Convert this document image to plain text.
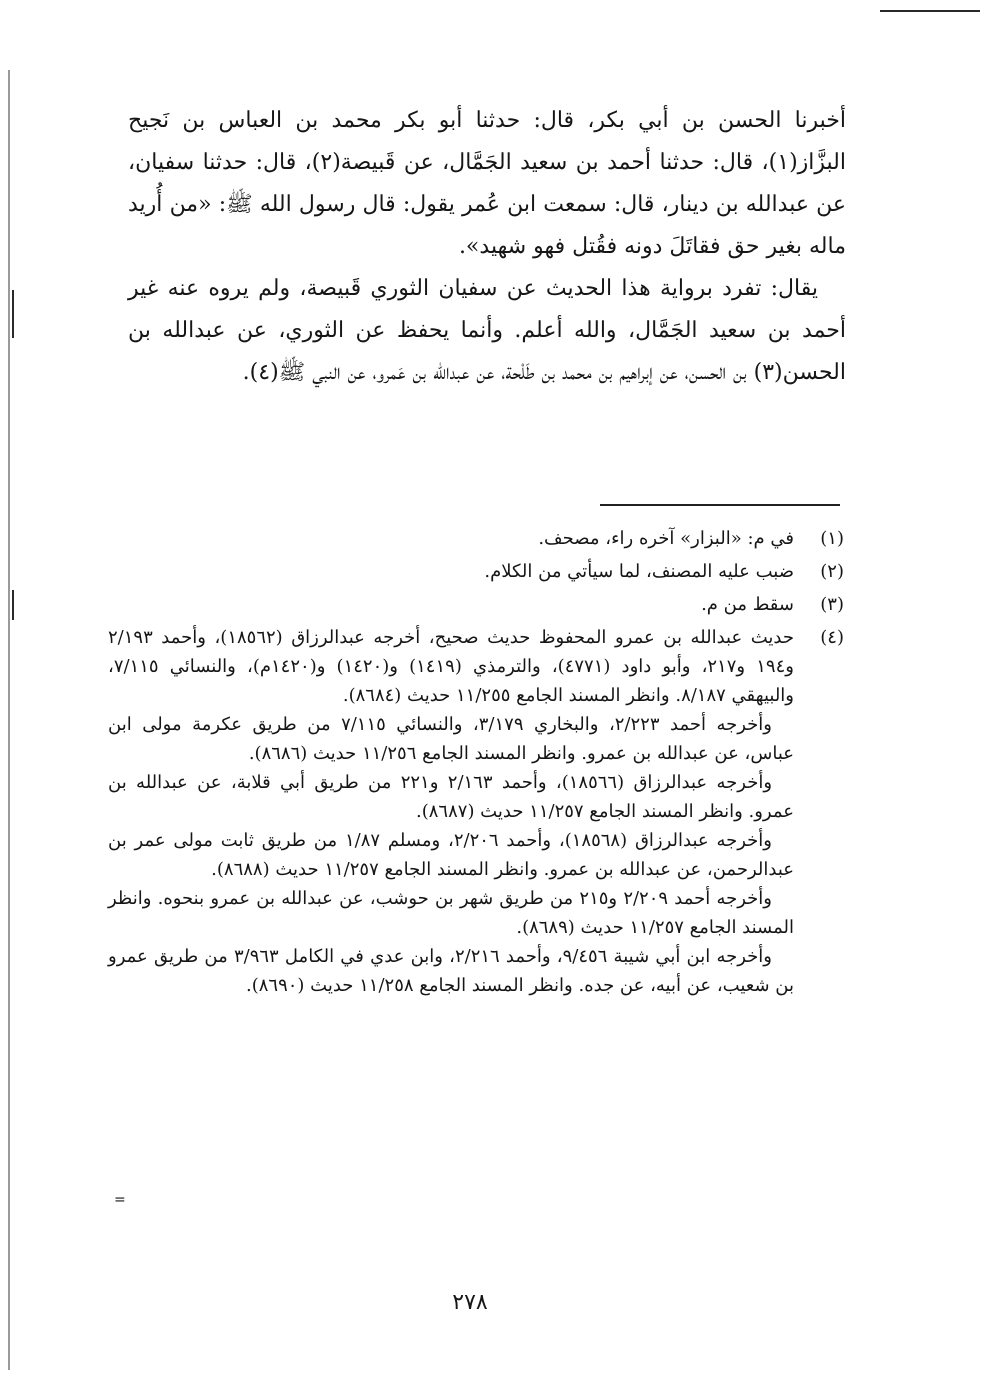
أخبرنا الحسن بن أبي بكر، قال: حدثنا أبو بكر محمد بن العباس بن نَجيح البزَّاز(١)، قال: حدثنا أحمد بن سعيد الجَمَّال، عن قَبيصة(٢)، قال: حدثنا سفيان، عن عبدالله بن دينار، قال: سمعت ابن عُمر يقول: قال رسول الله ﷺ: «من أُريد ماله بغير حق فقاتَلَ دونه فقُتل فهو شهيد».

يقال: تفرد برواية هذا الحديث عن سفيان الثوري قَبيصة، ولم يروه عنه غير أحمد بن سعيد الجَمَّال، والله أعلم. وأنما يحفظ عن الثوري، عن عبدالله بن الحسن(٣) بن الحسن، عن إبراهيم بن محمد بن طَلْحة، عن عبدالله بن عَمرو، عن النبي ﷺ(٤).

(١)

في م: «البزار» آخره راء، مصحف.

(٢)

ضبب عليه المصنف، لما سيأتي من الكلام.

(٣)

سقط من م.

(٤)

حديث عبدالله بن عمرو المحفوظ حديث صحيح، أخرجه عبدالرزاق (١٨٥٦٢)، وأحمد ٢/١٩٣ و١٩٤ و٢١٧، وأبو داود (٤٧٧١)، والترمذي (١٤١٩) و(١٤٢٠) و(١٤٢٠م)، والنسائي ٧/١١٥، والبيهقي ٨/١٨٧. وانظر المسند الجامع ١١/٢٥٥ حديث (٨٦٨٤).

وأخرجه أحمد ٢/٢٢٣، والبخاري ٣/١٧٩، والنسائي ٧/١١٥ من طريق عكرمة مولى ابن عباس، عن عبدالله بن عمرو. وانظر المسند الجامع ١١/٢٥٦ حديث (٨٦٨٦).

وأخرجه عبدالرزاق (١٨٥٦٦)، وأحمد ٢/١٦٣ و٢٢١ من طريق أبي قلابة، عن عبدالله بن عمرو. وانظر المسند الجامع ١١/٢٥٧ حديث (٨٦٨٧).

وأخرجه عبدالرزاق (١٨٥٦٨)، وأحمد ٢/٢٠٦، ومسلم ١/٨٧ من طريق ثابت مولى عمر بن عبدالرحمن، عن عبدالله بن عمرو. وانظر المسند الجامع ١١/٢٥٧ حديث (٨٦٨٨).

وأخرجه أحمد ٢/٢٠٩ و٢١٥ من طريق شهر بن حوشب، عن عبدالله بن عمرو بنحوه. وانظر المسند الجامع ١١/٢٥٧ حديث (٨٦٨٩).

وأخرجه ابن أبي شيبة ٩/٤٥٦، وأحمد ٢/٢١٦، وابن عدي في الكامل ٣/٩٦٣ من طريق عمرو بن شعيب، عن أبيه، عن جده. وانظر المسند الجامع ١١/٢٥٨ حديث (٨٦٩٠).

=
٢٧٨
